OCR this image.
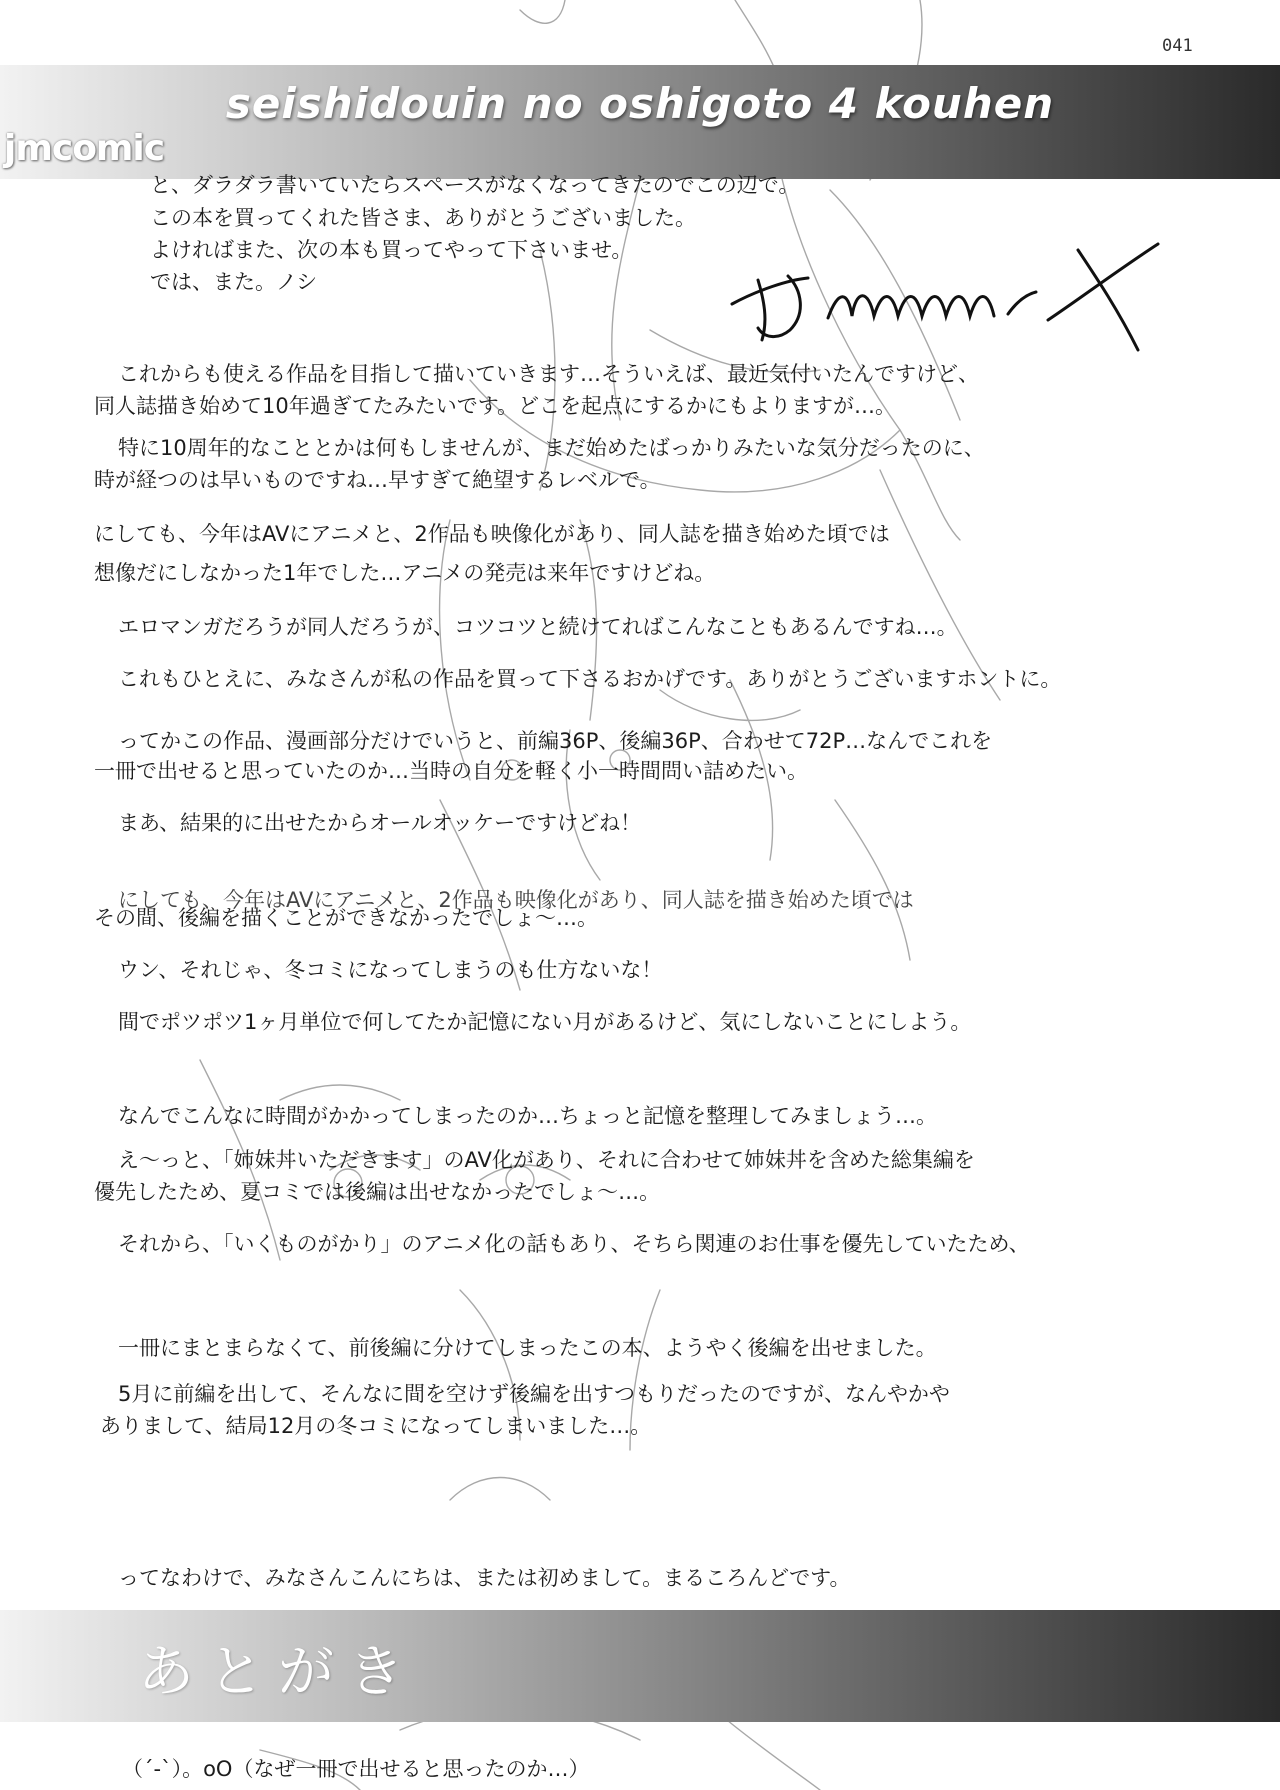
041
seishidouin no oshigoto 4 kouhen
jmcomic
と、ダラダラ書いていたらスペースがなくなってきたのでこの辺で。
この本を買ってくれた皆さま、ありがとうございました。
よければまた、次の本も買ってやって下さいませ。
では、また。ノシ
これからも使える作品を目指して描いていきます…そういえば、最近気付いたんですけど、
同人誌描き始めて10年過ぎてたみたいです。どこを起点にするかにもよりますが…。
特に10周年的なこととかは何もしませんが、まだ始めたばっかりみたいな気分だったのに、
時が経つのは早いものですね…早すぎて絶望するレベルで。
にしても、今年はAVにアニメと、2作品も映像化があり、同人誌を描き始めた頃では
想像だにしなかった1年でした…アニメの発売は来年ですけどね。
エロマンガだろうが同人だろうが、コツコツと続けてればこんなこともあるんですね…。
これもひとえに、みなさんが私の作品を買って下さるおかげです。ありがとうございますホントに。
ってかこの作品、漫画部分だけでいうと、前編36P、後編36P、合わせて72P…なんでこれを
一冊で出せると思っていたのか…当時の自分を軽く小一時間問い詰めたい。
まあ、結果的に出せたからオールオッケーですけどね！
にしても、今年はAVにアニメと、2作品も映像化があり、同人誌を描き始めた頃では
その間、後編を描くことができなかったでしょ〜…。
ウン、それじゃ、冬コミになってしまうのも仕方ないな！
間でポツポツ1ヶ月単位で何してたか記憶にない月があるけど、気にしないことにしよう。
なんでこんなに時間がかかってしまったのか…ちょっと記憶を整理してみましょう…。
え〜っと、「姉妹丼いただきます」のAV化があり、それに合わせて姉妹丼を含めた総集編を
優先したため、夏コミでは後編は出せなかったでしょ〜…。
それから、「いくものがかり」のアニメ化の話もあり、そちら関連のお仕事を優先していたため、
一冊にまとまらなくて、前後編に分けてしまったこの本、ようやく後編を出せました。
5月に前編を出して、そんなに間を空けず後編を出すつもりだったのですが、なんやかや
ありまして、結局12月の冬コミになってしまいました…。
ってなわけで、みなさんこんにちは、または初めまして。まるころんどです。
あとがき
（´-`）。oO（なぜ一冊で出せると思ったのか…）
